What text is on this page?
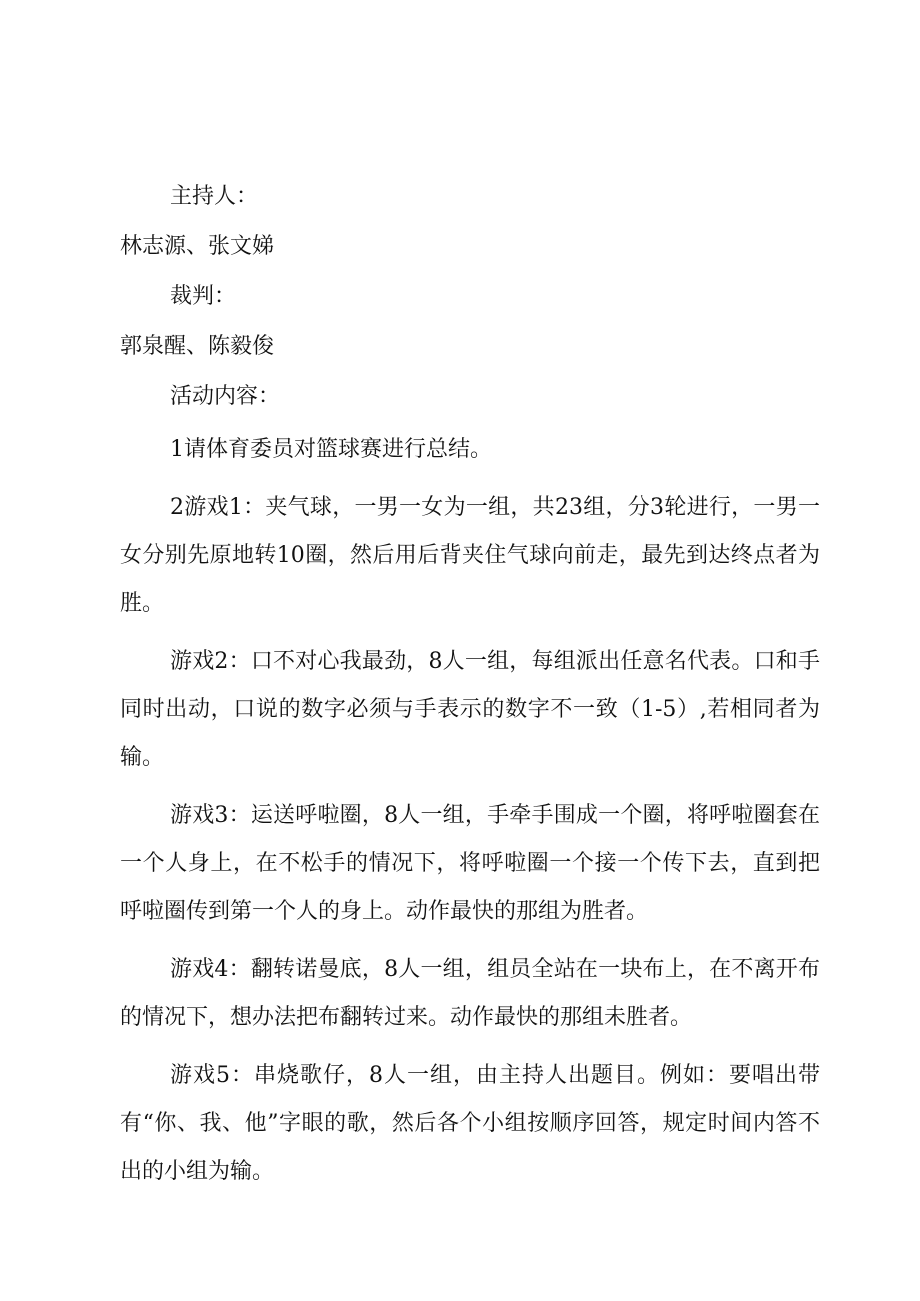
主持人：

林志源、张文娣

裁判：

郭泉醒、陈毅俊

活动内容：

1请体育委员对篮球赛进行总结。

2游戏1：夹气球，一男一女为一组，共23组，分3轮进行，一男一女分别先原地转10圈，然后用后背夹住气球向前走，最先到达终点者为胜。

游戏2：口不对心我最劲，8人一组，每组派出任意名代表。口和手同时出动，口说的数字必须与手表示的数字不一致（1-5）,若相同者为输。

游戏3：运送呼啦圈，8人一组，手牵手围成一个圈，将呼啦圈套在一个人身上，在不松手的情况下，将呼啦圈一个接一个传下去，直到把呼啦圈传到第一个人的身上。动作最快的那组为胜者。

游戏4：翻转诺曼底，8人一组，组员全站在一块布上，在不离开布的情况下，想办法把布翻转过来。动作最快的那组未胜者。

游戏5：串烧歌仔，8人一组，由主持人出题目。例如：要唱出带有“你、我、他”字眼的歌，然后各个小组按顺序回答，规定时间内答不出的小组为输。
